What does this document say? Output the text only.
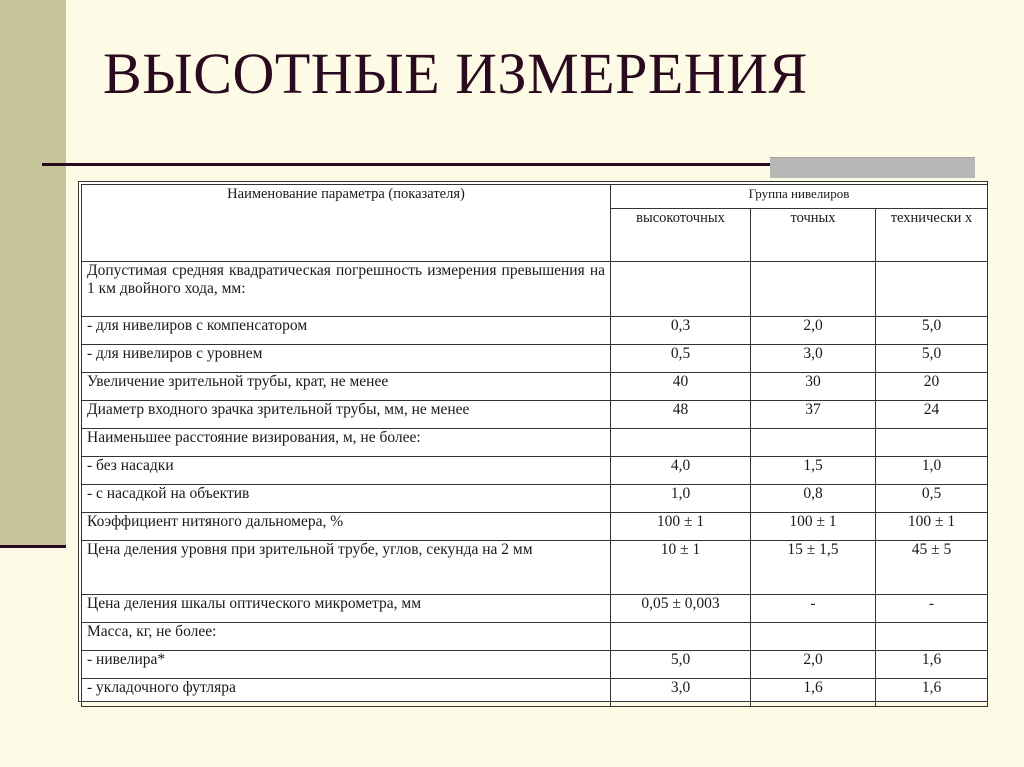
ВЫСОТНЫЕ ИЗМЕРЕНИЯ
Наименование параметра (показателя)	Группа нивелиров		
	высокоточных	точных	технически х
Допустимая средняя квадратическая погрешность измерения превышения на 1 км двойного хода, мм:			
- для нивелиров с компенсатором	0,3	2,0	5,0
- для нивелиров с уровнем	0,5	3,0	5,0
Увеличение зрительной трубы, крат, не менее	40	30	20
Диаметр входного зрачка зрительной трубы, мм, не менее	48	37	24
Наименьшее расстояние визирования, м, не более:			
- без насадки	4,0	1,5	1,0
- с насадкой на объектив	1,0	0,8	0,5
Коэффициент нитяного дальномера, %	100 ± 1	100 ± 1	100 ± 1
Цена деления уровня при зрительной трубе, углов, секунда на 2 мм	10 ± 1	15 ± 1,5	45 ± 5
Цена деления шкалы оптического микрометра, мм	0,05 ± 0,003	-	-
Масса, кг, не более:			
- нивелира*	5,0	2,0	1,6
- укладочного футляра	3,0	1,6	1,6
